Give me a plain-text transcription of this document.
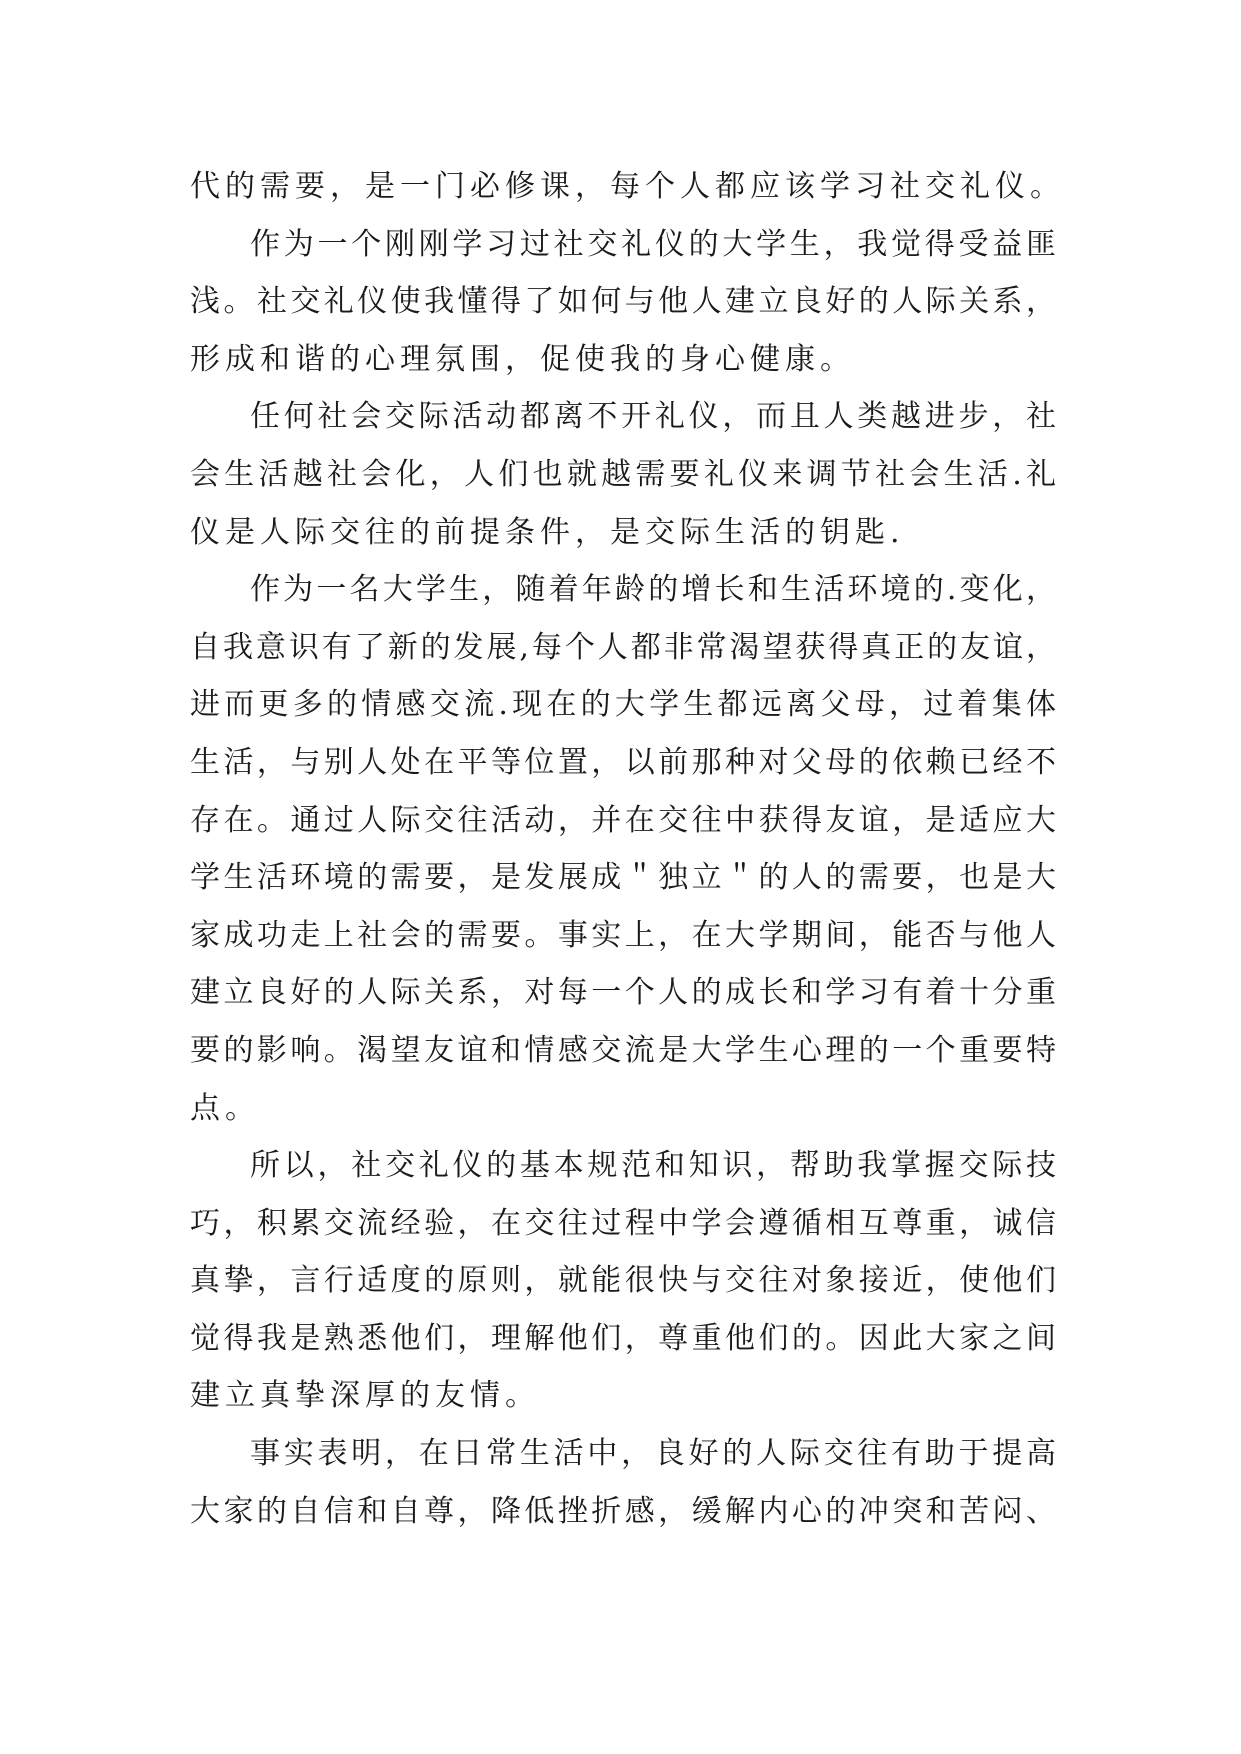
代的需要，是一门必修课，每个人都应该学习社交礼仪。
作为一个刚刚学习过社交礼仪的大学生，我觉得受益匪
浅。社交礼仪使我懂得了如何与他人建立良好的人际关系，
形成和谐的心理氛围，促使我的身心健康。
任何社会交际活动都离不开礼仪，而且人类越进步，社
会生活越社会化，人们也就越需要礼仪来调节社会生活.礼
仪是人际交往的前提条件，是交际生活的钥匙.
作为一名大学生，随着年龄的增长和生活环境的.变化，
自我意识有了新的发展,每个人都非常渴望获得真正的友谊，
进而更多的情感交流.现在的大学生都远离父母，过着集体
生活，与别人处在平等位置，以前那种对父母的依赖已经不
存在。通过人际交往活动，并在交往中获得友谊，是适应大
学生活环境的需要，是发展成＂独立＂的人的需要，也是大
家成功走上社会的需要。事实上，在大学期间，能否与他人
建立良好的人际关系，对每一个人的成长和学习有着十分重
要的影响。渴望友谊和情感交流是大学生心理的一个重要特
点。
所以，社交礼仪的基本规范和知识，帮助我掌握交际技
巧，积累交流经验，在交往过程中学会遵循相互尊重，诚信
真挚，言行适度的原则，就能很快与交往对象接近，使他们
觉得我是熟悉他们，理解他们，尊重他们的。因此大家之间
建立真挚深厚的友情。
事实表明，在日常生活中，良好的人际交往有助于提高
大家的自信和自尊，降低挫折感，缓解内心的冲突和苦闷、
